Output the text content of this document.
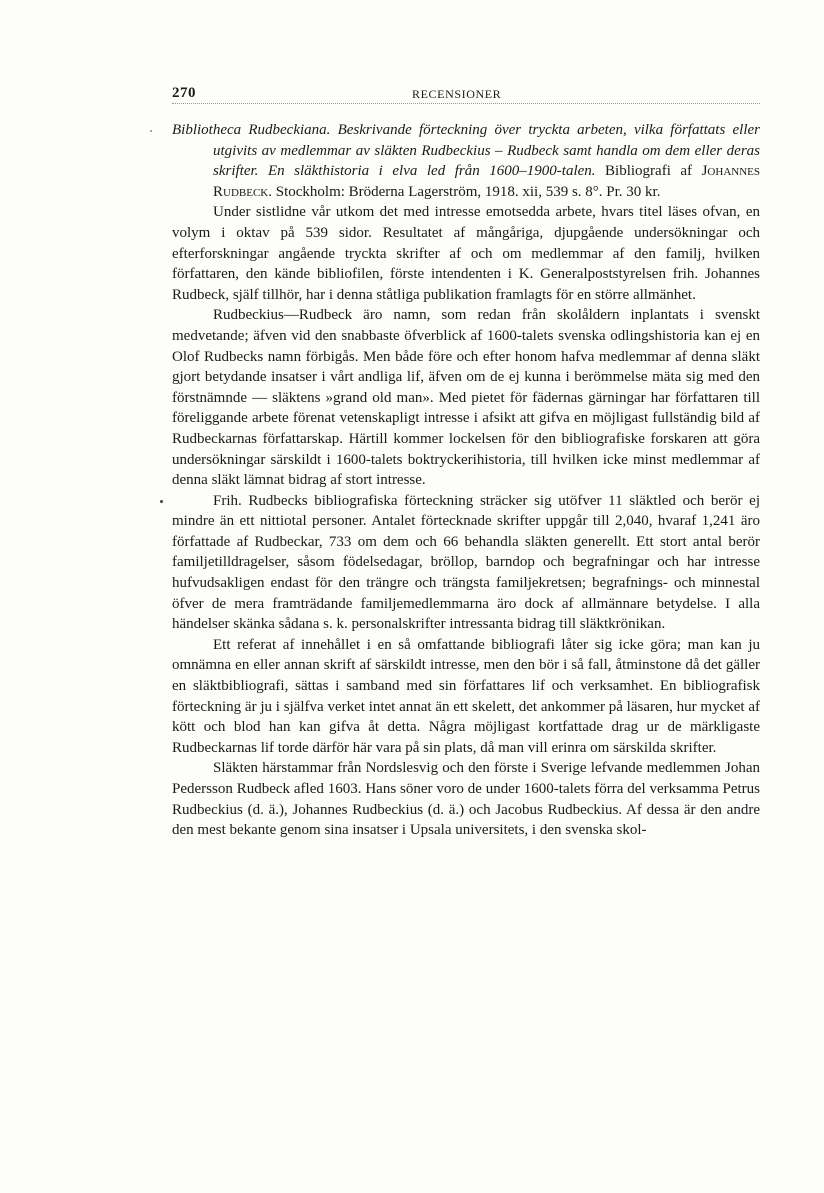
270	RECENSIONER

Bibliotheca Rudbeckiana. Beskrivande förteckning över tryckta arbeten, vilka författats eller utgivits av medlemmar av släkten Rudbeckius – Rudbeck samt handla om dem eller deras skrifter. En släkthistoria i elva led från 1600–1900-talen. Bibliografi af Johannes Rudbeck. Stockholm: Bröderna Lagerström, 1918. xii, 539 s. 8°. Pr. 30 kr.

Under sistlidne vår utkom det med intresse emotsedda arbete, hvars titel läses ofvan, en volym i oktav på 539 sidor. Resultatet af mångåriga, djupgående undersökningar och efterforskningar angående tryckta skrifter af och om medlemmar af den familj, hvilken författaren, den kände bibliofilen, förste intendenten i K. Generalpoststyrelsen frih. Johannes Rudbeck, själf tillhör, har i denna ståtliga publikation framlagts för en större allmänhet.

Rudbeckius—Rudbeck äro namn, som redan från skolåldern inplantats i svenskt medvetande; äfven vid den snabbaste öfverblick af 1600-talets svenska odlingshistoria kan ej en Olof Rudbecks namn förbigås. Men både före och efter honom hafva medlemmar af denna släkt gjort betydande insatser i vårt andliga lif, äfven om de ej kunna i berömmelse mäta sig med den förstnämnde — släktens »grand old man». Med pietet för fädernas gärningar har författaren till föreliggande arbete förenat vetenskapligt intresse i afsikt att gifva en möjligast fullständig bild af Rudbeckarnas författarskap. Härtill kommer lockelsen för den bibliografiske forskaren att göra undersökningar särskildt i 1600-talets boktryckerihistoria, till hvilken icke minst medlemmar af denna släkt lämnat bidrag af stort intresse.

Frih. Rudbecks bibliografiska förteckning sträcker sig utöfver 11 släktled och berör ej mindre än ett nittiotal personer. Antalet förtecknade skrifter uppgår till 2,040, hvaraf 1,241 äro författade af Rudbeckar, 733 om dem och 66 behandla släkten generellt. Ett stort antal berör familjetilldragelser, såsom födelsedagar, bröllop, barndop och begrafningar och har intresse hufvudsakligen endast för den trängre och trängsta familjekretsen; begrafnings- och minnestal öfver de mera framträdande familjemedlemmarna äro dock af allmännare betydelse. I alla händelser skänka sådana s. k. personalskrifter intressanta bidrag till släktkrönikan.

Ett referat af innehållet i en så omfattande bibliografi låter sig icke göra; man kan ju omnämna en eller annan skrift af särskildt intresse, men den bör i så fall, åtminstone då det gäller en släktbibliografi, sättas i samband med sin författares lif och verksamhet. En bibliografisk förteckning är ju i själfva verket intet annat än ett skelett, det ankommer på läsaren, hur mycket af kött och blod han kan gifva åt detta. Några möjligast kortfattade drag ur de märkligaste Rudbeckarnas lif torde därför här vara på sin plats, då man vill erinra om särskilda skrifter.

Släkten härstammar från Nordslesvig och den förste i Sverige lefvande medlemmen Johan Pedersson Rudbeck afled 1603. Hans söner voro de under 1600-talets förra del verksamma Petrus Rudbeckius (d. ä.), Johannes Rudbeckius (d. ä.) och Jacobus Rudbeckius. Af dessa är den andre den mest bekante genom sina insatser i Upsala universitets, i den svenska skol-
